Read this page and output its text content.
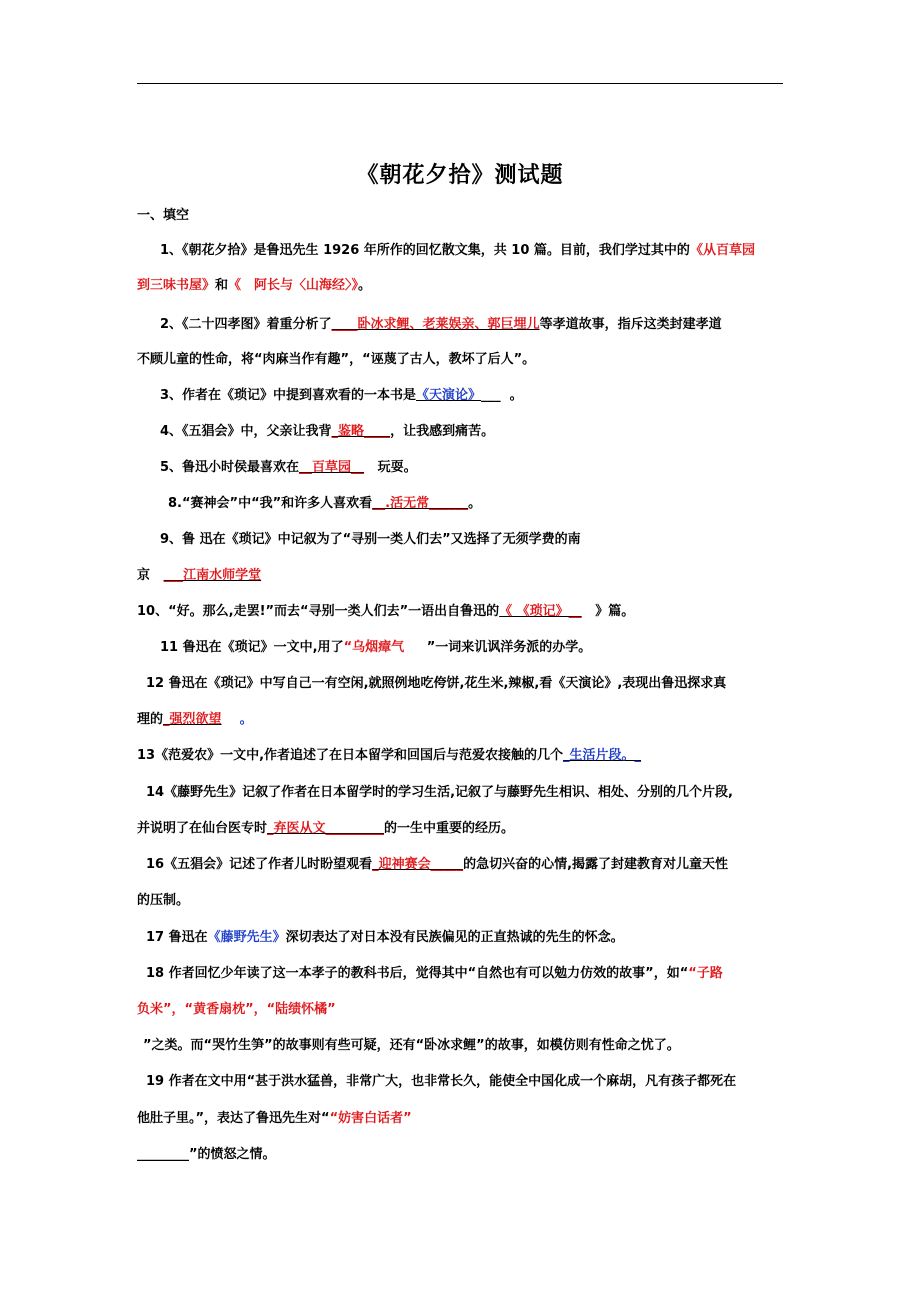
《朝花夕拾》测试题
一、填空
1、《朝花夕拾》是鲁迅先生 1926 年所作的回忆散文集，共 10 篇。目前，我们学过其中的《从百草园
到三味书屋》和《　阿长与〈山海经〉》。
2、《二十四孝图》着重分析了____卧冰求鲤、老莱娱亲、郭巨埋儿等孝道故事，指斥这类封建孝道
不顾儿童的性命，将“肉麻当作有趣”，“诬蔑了古人，教坏了后人”。
3、作者在《琐记》中提到喜欢看的一本书是《天演论》___ 。
4、《五猖会》中，父亲让我背_鉴略____，让我感到痛苦。
5、鲁迅小时侯最喜欢在__百草园__ 玩耍。
8.“赛神会”中“我”和许多人喜欢看__.活无常______。
9、鲁 迅在《琐记》中记叙为了“寻别一类人们去”又选择了无须学费的南
京 ___江南水师学堂
10、“好。那么,走罢!”而去“寻别一类人们去”一语出自鲁迅的《 《琐记》__ 》篇。
11 鲁迅在《琐记》一文中,用了“乌烟瘴气 ”一词来讥讽洋务派的办学。
12 鲁迅在《琐记》中写自己一有空闲,就照例地吃侉饼,花生米,辣椒,看《天演论》,表现出鲁迅探求真
理的_强烈欲望 。
13《范爱农》一文中,作者追述了在日本留学和回国后与范爱农接触的几个_生活片段。_
14《藤野先生》记叙了作者在日本留学时的学习生活,记叙了与藤野先生相识、相处、分别的几个片段,
并说明了在仙台医专时_弃医从文_________的一生中重要的经历。
16《五猖会》记述了作者儿时盼望观看_迎神赛会_____的急切兴奋的心情,揭露了封建教育对儿童天性
的压制。
17 鲁迅在《藤野先生》深切表达了对日本没有民族偏见的正直热诚的先生的怀念。
18 作者回忆少年读了这一本孝子的教科书后，觉得其中“自然也有可以勉力仿效的故事”，如““子路
负米”，“黄香扇枕”，“陆绩怀橘”
”之类。而“哭竹生笋”的故事则有些可疑，还有“卧冰求鲤”的故事，如模仿则有性命之忧了。
19 作者在文中用“甚于洪水猛兽，非常广大，也非常长久，能使全中国化成一个麻胡，凡有孩子都死在
他肚子里。”，表达了鲁迅先生对““妨害白话者”
________”的愤怒之情。
